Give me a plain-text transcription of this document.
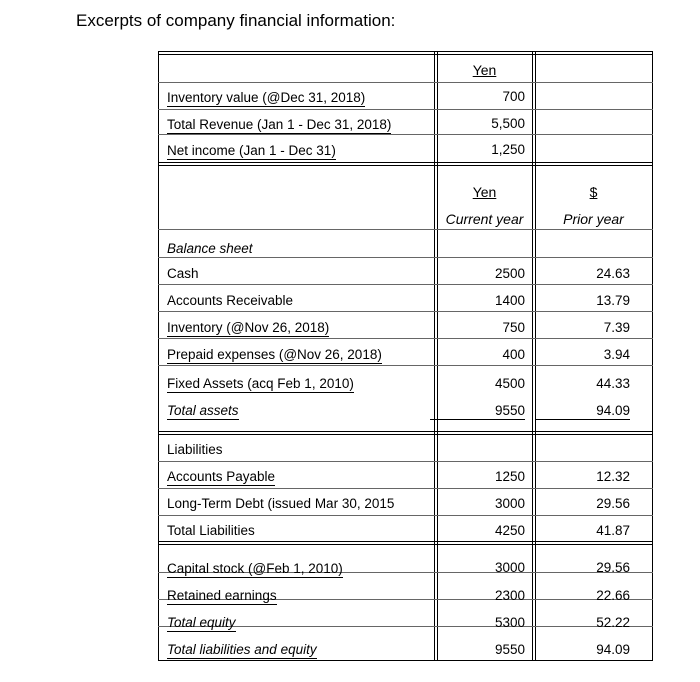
Excerpts of company financial information:
Yen
Inventory value (@Dec 31, 2018)	700
Total Revenue (Jan 1 - Dec 31, 2018)	5,500
Net income (Jan 1 - Dec 31)	1,250
Yen
Current year
$
Prior year
Balance sheet
Cash	2500	24.63
Accounts Receivable	1400	13.79
Inventory (@Nov 26, 2018)	750	7.39
Prepaid expenses (@Nov 26, 2018)	400	3.94
Fixed Assets (acq Feb 1, 2010)	4500	44.33
Total assets	9550	94.09
Liabilities
Accounts Payable	1250	12.32
Long-Term Debt (issued Mar 30, 2015	3000	29.56
Total Liabilities	4250	41.87
Capital stock (@Feb 1, 2010)	3000	29.56
Retained earnings	2300	22.66
Total equity	5300	52.22
Total liabilities and equity	9550	94.09
